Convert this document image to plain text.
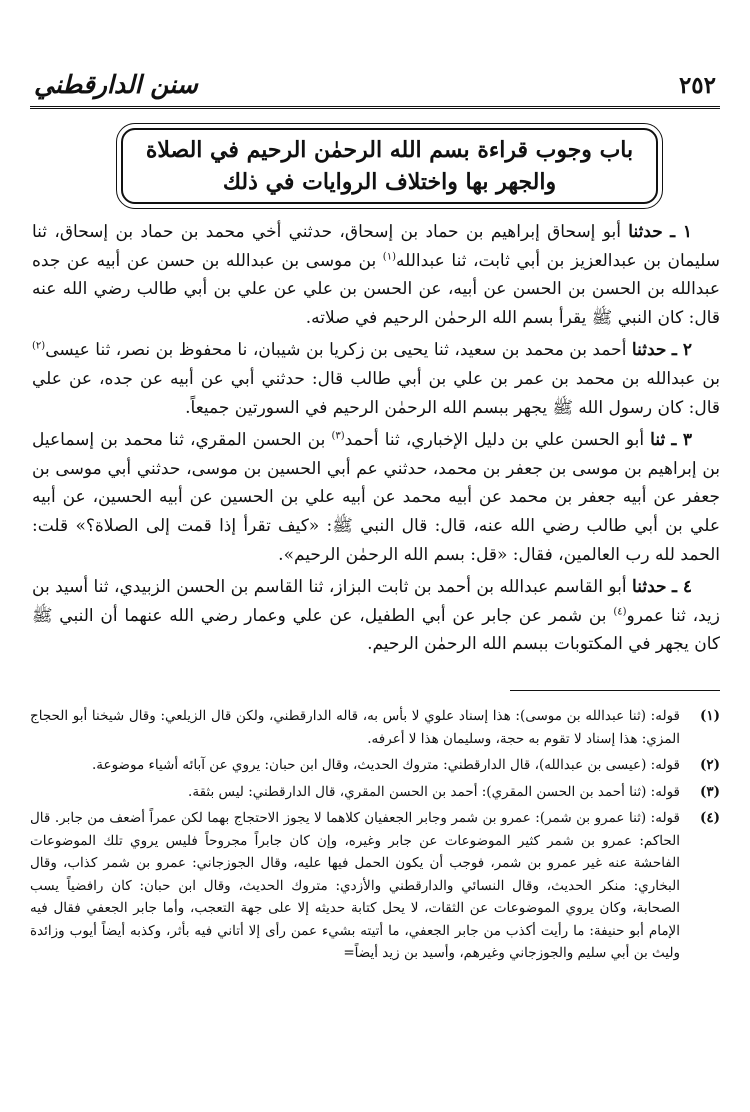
سنن الدارقطني	٢٥٢
باب وجوب قراءة بسم الله الرحمٰن الرحيم في الصلاة
والجهر بها واختلاف الروايات في ذلك

١ ـ حدثنا أبو إسحاق إبراهيم بن حماد بن إسحاق، حدثني أخي محمد بن حماد بن إسحاق، ثنا سليمان بن عبدالعزيز بن أبي ثابت، ثنا عبدالله$^{(١)}$ بن موسى بن عبدالله بن حسن عن أبيه عن جده عبدالله بن الحسن بن الحسن عن أبيه، عن الحسن بن علي عن علي بن أبي طالب رضي الله عنه قال: كان النبي ﷺ يقرأ بسم الله الرحمٰن الرحيم في صلاته.

٢ ـ حدثنا أحمد بن محمد بن سعيد، ثنا يحيى بن زكريا بن شيبان، نا محفوظ بن نصر، ثنا عيسى$^{(٢)}$ بن عبدالله بن محمد بن عمر بن علي بن أبي طالب قال: حدثني أبي عن أبيه عن جده، عن علي قال: كان رسول الله ﷺ يجهر ببسم الله الرحمٰن الرحيم في السورتين جميعاً.

٣ ـ ثنا أبو الحسن علي بن دليل الإخباري، ثنا أحمد$^{(٣)}$ بن الحسن المقري، ثنا محمد بن إسماعيل بن إبراهيم بن موسى بن جعفر بن محمد، حدثني عم أبي الحسين بن موسى، حدثني أبي موسى بن جعفر عن أبيه جعفر بن محمد عن أبيه محمد عن أبيه علي بن الحسين عن أبيه الحسين، عن أبيه علي بن أبي طالب رضي الله عنه، قال: قال النبي ﷺ: «كيف تقرأ إذا قمت إلى الصلاة؟» قلت: الحمد لله رب العالمين، فقال: «قل: بسم الله الرحمٰن الرحيم».

٤ ـ حدثنا أبو القاسم عبدالله بن أحمد بن ثابت البزاز، ثنا القاسم بن الحسن الزبيدي، ثنا أسيد بن زيد، ثنا عمرو$^{(٤)}$ بن شمر عن جابر عن أبي الطفيل، عن علي وعمار رضي الله عنهما أن النبي ﷺ كان يجهر في المكتوبات ببسم الله الرحمٰن الرحيم.

(١)
قوله: (ثنا عبدالله بن موسى): هذا إسناد علوي لا بأس به، قاله الدارقطني، ولكن قال الزيلعي: وقال شيخنا أبو الحجاج المزي: هذا إسناد لا تقوم به حجة، وسليمان هذا لا أعرفه.
(٢)
قوله: (عيسى بن عبدالله)، قال الدارقطني: متروك الحديث، وقال ابن حبان: يروي عن آبائه أشياء موضوعة.
(٣)
قوله: (ثنا أحمد بن الحسن المقري): أحمد بن الحسن المقري، قال الدارقطني: ليس بثقة.
(٤)
قوله: (ثنا عمرو بن شمر): عمرو بن شمر وجابر الجعفيان كلاهما لا يجوز الاحتجاج بهما لكن عمراً أضعف من جابر. قال الحاكم: عمرو بن شمر كثير الموضوعات عن جابر وغيره، وإن كان جابراً مجروحاً فليس يروي تلك الموضوعات الفاحشة عنه غير عمرو بن شمر، فوجب أن يكون الحمل فيها عليه، وقال الجوزجاني: عمرو بن شمر كذاب، وقال البخاري: منكر الحديث، وقال النسائي والدارقطني والأزدي: متروك الحديث، وقال ابن حبان: كان رافضياً يسب الصحابة، وكان يروي الموضوعات عن الثقات، لا يحل كتابة حديثه إلا على جهة التعجب، وأما جابر الجعفي فقال فيه الإمام أبو حنيفة: ما رأيت أكذب من جابر الجعفي، ما أتيته بشيء عمن رأى إلا أتاني فيه بأثر، وكذبه أيضاً أيوب وزائدة وليث بن أبي سليم والجوزجاني وغيرهم، وأسيد بن زيد أيضاً=
